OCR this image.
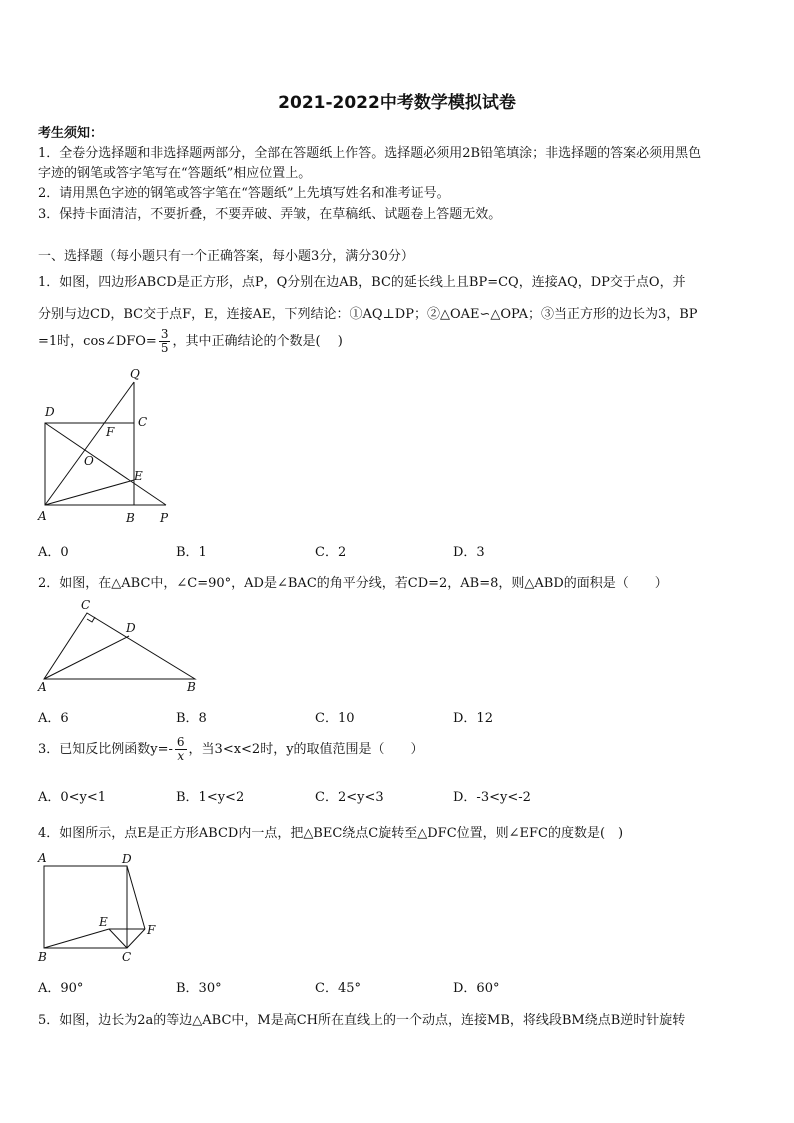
2021-2022中考数学模拟试卷
考生须知：
1．全卷分选择题和非选择题两部分，全部在答题纸上作答。选择题必须用2B铅笔填涂；非选择题的答案必须用黑色
字迹的钢笔或答字笔写在“答题纸”相应位置上。
2．请用黑色字迹的钢笔或答字笔在“答题纸”上先填写姓名和准考证号。
3．保持卡面清洁，不要折叠，不要弄破、弄皱，在草稿纸、试题卷上答题无效。
一、选择题（每小题只有一个正确答案，每小题3分，满分30分）
1．如图，四边形ABCD是正方形，点P，Q分别在边AB，BC的延长线上且BP=CQ，连接AQ，DP交于点O，并
分别与边CD，BC交于点F，E，连接AE，下列结论：①AQ⊥DP；②△OAE∽△OPA；③当正方形的边长为3，BP
=1时，cos∠DFO= $\frac{3}{5}$ ，其中正确结论的个数是(　 )
Q
D
C
F
O
E
A	B P
A．0	B．1	C．2	D．3
2．如图，在△ABC中，∠C=90°，AD是∠BAC的角平分线，若CD=2，AB=8，则△ABD的面积是（　　）
C
D
A	B
A．6	B．8	C．10	D．12
3．已知反比例函数$y=- \frac{6}{x}$ ，当3<x<2时，y的取值范围是（　　）
A．0<y<1	B．1<y<2	C．2<y<3	D．-3<y<-2
4．如图所示，点E是正方形ABCD内一点，把△BEC绕点C旋转至△DFC位置，则∠EFC的度数是(　)
A	D
E
F
B	C
A．90°	B．30°	C．45°	D．60°
5．如图，边长为2a的等边△ABC中，M是高CH所在直线上的一个动点，连接MB，将线段BM绕点B逆时针旋转
